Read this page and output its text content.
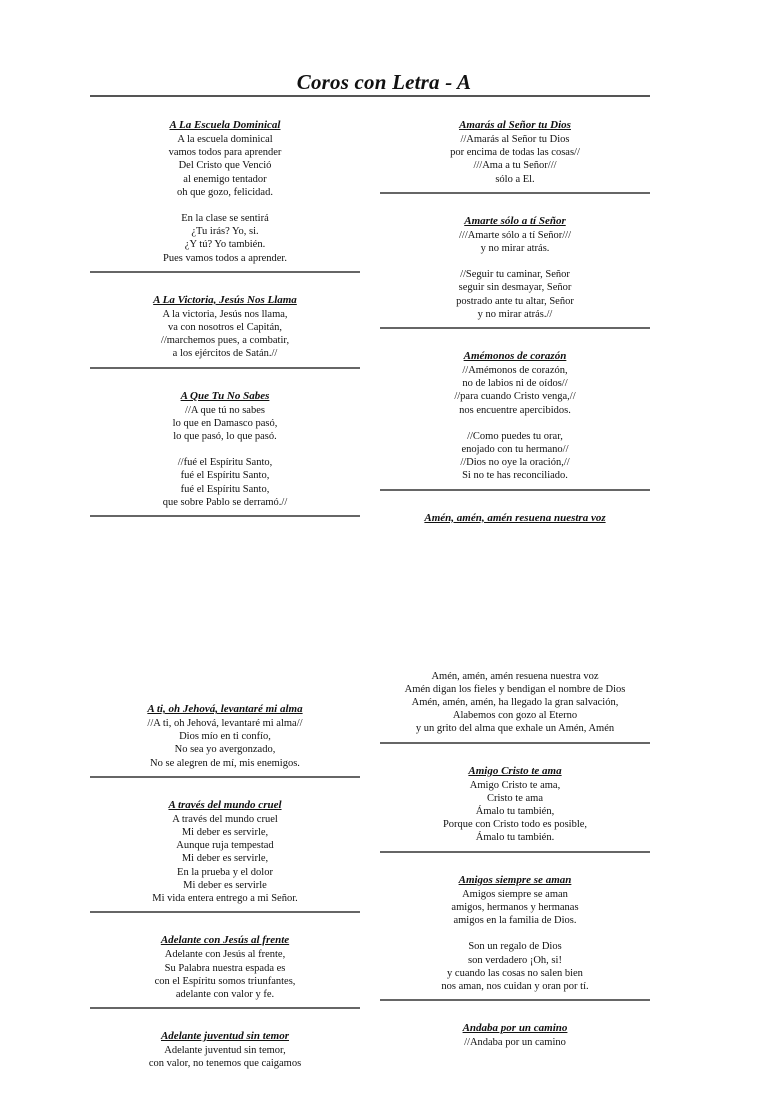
Coros con Letra - A
A La Escuela Dominical
A la escuela dominical
vamos todos para aprender
Del Cristo que Venció
al enemigo tentador
oh que gozo, felicidad.
En la clase se sentirá
¿Tu irás? Yo, si.
¿Y tú? Yo también.
Pues vamos todos a aprender.
A La Victoria, Jesús Nos Llama
A la victoria, Jesús nos llama,
va con nosotros el Capitán,
//marchemos pues, a combatir,
a los ejércitos de Satán.//
A Que Tu No Sabes
//A que tú no sabes
lo que en Damasco pasó,
lo que pasó, lo que pasó.
//fué el Espíritu Santo,
fué el Espíritu Santo,
fué el Espíritu Santo,
que sobre Pablo se derramó.//
A ti, oh Jehová, levantaré mi alma
//A ti, oh Jehová, levantaré mi alma//
Dios mío en ti confío,
No sea yo avergonzado,
No se alegren de mí, mis enemigos.
A través del mundo cruel
A través del mundo cruel
Mi deber es servirle,
Aunque ruja tempestad
Mi deber es servirle,
En la prueba y el dolor
Mi deber es servirle
Mi vida entera entrego a mi Señor.
Adelante con Jesús al frente
Adelante con Jesús al frente,
Su Palabra nuestra espada es
con el Espíritu somos triunfantes,
adelante con valor y fe.
Adelante juventud sin temor
Adelante juventud sin temor,
con valor, no tenemos que caigamos
Amarás al Señor tu Dios
//Amarás al Señor tu Dios
por encima de todas las cosas//
///Ama a tu Señor///
sólo a El.
Amarte sólo a tí Señor
///Amarte sólo a tí Señor///
y no mirar atrás.
//Seguir tu caminar, Señor
seguir sin desmayar, Señor
postrado ante tu altar, Señor
y no mirar atrás.//
Amémonos de corazón
//Amémonos de corazón,
no de labios ni de oídos//
//para cuando Cristo venga,//
nos encuentre apercibidos.
//Como puedes tu orar,
enojado con tu hermano//
//Dios no oye la oración,//
Si no te has reconciliado.
Amén, amén, amén resuena nuestra voz
Amén, amén, amén resuena nuestra voz
Amén digan los fieles y bendigan el nombre de Dios
Amén, amén, amén, ha llegado la gran salvación,
Alabemos con gozo al Eterno
y un grito del alma que exhale un Amén, Amén
Amigo Cristo te ama
Amigo Cristo te ama,
Cristo te ama
Ámalo tu también,
Porque con Cristo todo es posible,
Ámalo tu también.
Amigos siempre se aman
Amigos siempre se aman
amigos, hermanos y hermanas
amigos en la familia de Dios.
Son un regalo de Dios
son verdadero ¡Oh, si!
y cuando las cosas no salen bien
nos aman, nos cuidan y oran por tí.
Andaba por un camino
//Andaba por un camino
